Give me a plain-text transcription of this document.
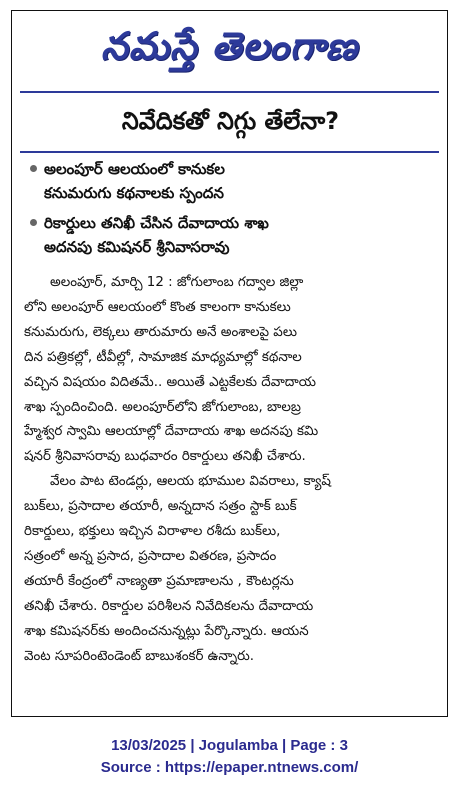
నమస్తే తెలంగాణ
నివేదికతో నిగ్గు తేలేనా?
అలంపూర్ ఆలయంలో కానుకల
కనుమరుగు కథనాలకు స్పందన
రికార్డులు తనిఖీ చేసిన దేవాదాయ శాఖ
అదనపు కమిషనర్ శ్రీనివాసరావు
అలంపూర్, మార్చి 12 : జోగులాంబ గద్వాల జిల్లా
లోని అలంపూర్ ఆలయంలో కొంత కాలంగా కానుకలు
కనుమరుగు, లెక్కలు తారుమారు అనే అంశాలపై పలు
దిన పత్రికల్లో, టీవీల్లో, సామాజిక మాధ్యమాల్లో కథనాల
వచ్చిన విషయం విదితమే.. అయితే ఎట్టకేలకు దేవాదాయ
శాఖ స్పందించింది. అలంపూర్‌లోని జోగులాంబ, బాలబ్ర
హ్మేశ్వర స్వామి ఆలయాల్లో దేవాదాయ శాఖ అదనపు కమి
షనర్ శ్రీనివాసరావు బుధవారం రికార్డులు తనిఖీ చేశారు.
వేలం పాట టెండర్లు, ఆలయ భూముల వివరాలు, క్యాష్
బుక్‌లు, ప్రసాదాల తయారీ, అన్నదాన సత్రం స్టాక్ బుక్
రికార్డులు, భక్తులు ఇచ్చిన విరాళాల రశీదు బుక్‌లు,
సత్రంలో అన్న ప్రసాద, ప్రసాదాల వితరణ, ప్రసాదం
తయారీ కేంద్రంలో నాణ్యతా ప్రమాణాలను , కౌంటర్లను
తనిఖీ చేశారు. రికార్డుల పరిశీలన నివేదికలను దేవాదాయ
శాఖ కమిషనర్‌కు అందించనున్నట్లు పేర్కొన్నారు. ఆయన
వెంట సూపరింటెండెంట్ బాబుశంకర్ ఉన్నారు.
13/03/2025 | Jogulamba | Page : 3
Source : https://epaper.ntnews.com/
